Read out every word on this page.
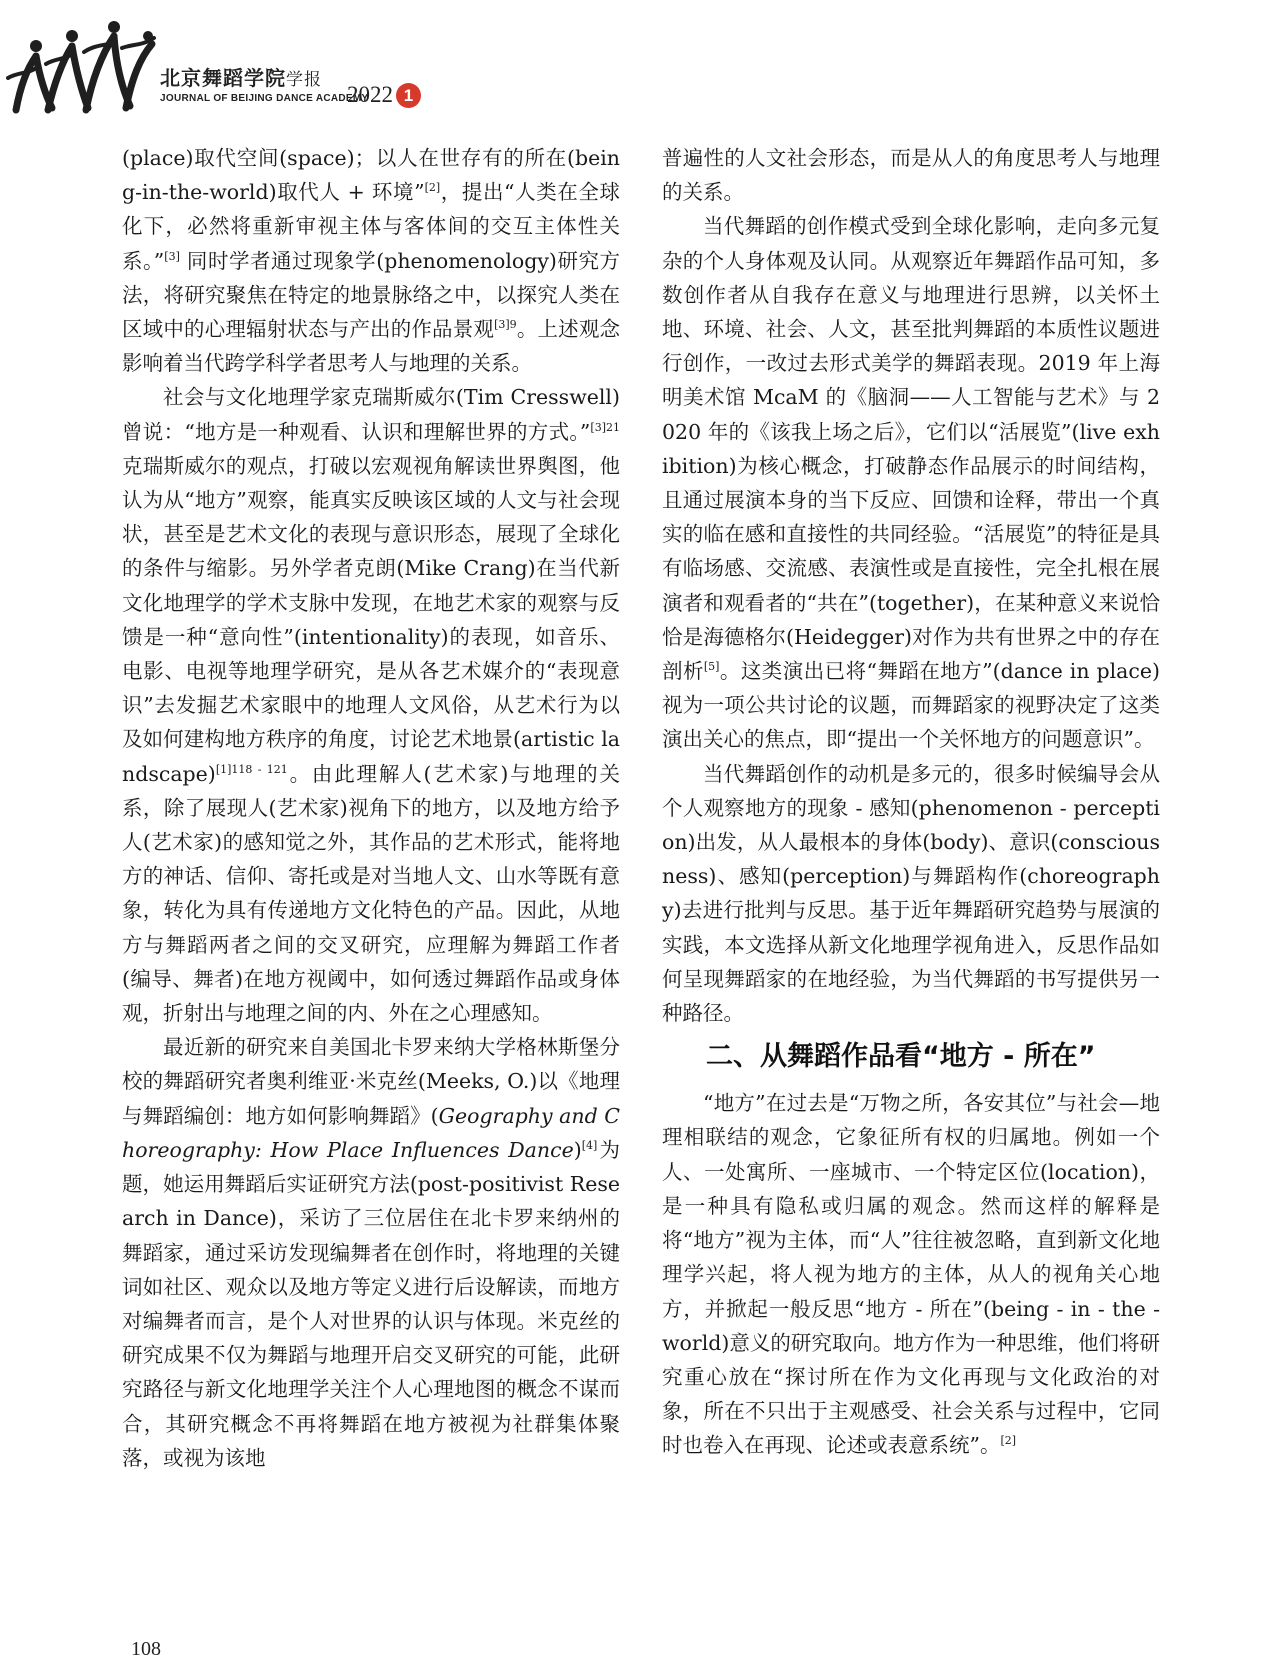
北京舞蹈学院学报
JOURNAL OF BEIJING DANCE ACADEMY
2022 1

(place)取代空间(space)；以人在世存有的所在(being-in-the-world)取代人 + 环境”[2]，提出“人类在全球化下，必然将重新审视主体与客体间的交互主体性关系。”[3] 同时学者通过现象学(phenomenology)研究方法，将研究聚焦在特定的地景脉络之中，以探究人类在区域中的心理辐射状态与产出的作品景观$^{[3]9}$。上述观念影响着当代跨学科学者思考人与地理的关系。

社会与文化地理学家克瑞斯威尔(Tim Cresswell)曾说：“地方是一种观看、认识和理解世界的方式。”$^{[3]21}$克瑞斯威尔的观点，打破以宏观视角解读世界舆图，他认为从“地方”观察，能真实反映该区域的人文与社会现状，甚至是艺术文化的表现与意识形态，展现了全球化的条件与缩影。另外学者克朗(Mike Crang)在当代新文化地理学的学术支脉中发现，在地艺术家的观察与反馈是一种“意向性”(intentionality)的表现，如音乐、电影、电视等地理学研究，是从各艺术媒介的“表现意识”去发掘艺术家眼中的地理人文风俗，从艺术行为以及如何建构地方秩序的角度，讨论艺术地景(artistic landscape)$^{[1]118 - 121}$。由此理解人(艺术家)与地理的关系，除了展现人(艺术家)视角下的地方，以及地方给予人(艺术家)的感知觉之外，其作品的艺术形式，能将地方的神话、信仰、寄托或是对当地人文、山水等既有意象，转化为具有传递地方文化特色的产品。因此，从地方与舞蹈两者之间的交叉研究，应理解为舞蹈工作者(编导、舞者)在地方视阈中，如何透过舞蹈作品或身体观，折射出与地理之间的内、外在之心理感知。

最近新的研究来自美国北卡罗来纳大学格林斯堡分校的舞蹈研究者奥利维亚·米克丝(Meeks, O.)以《地理与舞蹈编创：地方如何影响舞蹈》(Geography and Choreography: How Place Influences Dance)[4]为题，她运用舞蹈后实证研究方法(post-positivist Research in Dance)，采访了三位居住在北卡罗来纳州的舞蹈家，通过采访发现编舞者在创作时，将地理的关键词如社区、观众以及地方等定义进行后设解读，而地方对编舞者而言，是个人对世界的认识与体现。米克丝的研究成果不仅为舞蹈与地理开启交叉研究的可能，此研究路径与新文化地理学关注个人心理地图的概念不谋而合，其研究概念不再将舞蹈在地方被视为社群集体聚落，或视为该地

普遍性的人文社会形态，而是从人的角度思考人与地理的关系。

当代舞蹈的创作模式受到全球化影响，走向多元复杂的个人身体观及认同。从观察近年舞蹈作品可知，多数创作者从自我存在意义与地理进行思辨，以关怀土地、环境、社会、人文，甚至批判舞蹈的本质性议题进行创作，一改过去形式美学的舞蹈表现。2019 年上海明美术馆 McaM 的《脑洞——人工智能与艺术》与 2020 年的《该我上场之后》，它们以“活展览”(live exhibition)为核心概念，打破静态作品展示的时间结构，且通过展演本身的当下反应、回馈和诠释，带出一个真实的临在感和直接性的共同经验。“活展览”的特征是具有临场感、交流感、表演性或是直接性，完全扎根在展演者和观看者的“共在”(together)，在某种意义来说恰恰是海德格尔(Heidegger)对作为共有世界之中的存在剖析[5]。这类演出已将“舞蹈在地方”(dance in place)视为一项公共讨论的议题，而舞蹈家的视野决定了这类演出关心的焦点，即“提出一个关怀地方的问题意识”。

当代舞蹈创作的动机是多元的，很多时候编导会从个人观察地方的现象 - 感知(phenomenon - perception)出发，从人最根本的身体(body)、意识(consciousness)、感知(perception)与舞蹈构作(choreography)去进行批判与反思。基于近年舞蹈研究趋势与展演的实践，本文选择从新文化地理学视角进入，反思作品如何呈现舞蹈家的在地经验，为当代舞蹈的书写提供另一种路径。

二、从舞蹈作品看“地方 - 所在”

“地方”在过去是“万物之所，各安其位”与社会—地理相联结的观念，它象征所有权的归属地。例如一个人、一处寓所、一座城市、一个特定区位(location)，是一种具有隐私或归属的观念。然而这样的解释是将“地方”视为主体，而“人”往往被忽略，直到新文化地理学兴起，将人视为地方的主体，从人的视角关心地方，并掀起一般反思“地方 - 所在”(being - in - the - world)意义的研究取向。地方作为一种思维，他们将研究重心放在“探讨所在作为文化再现与文化政治的对象，所在不只出于主观感受、社会关系与过程中，它同时也卷入在再现、论述或表意系统”。[2]

108
